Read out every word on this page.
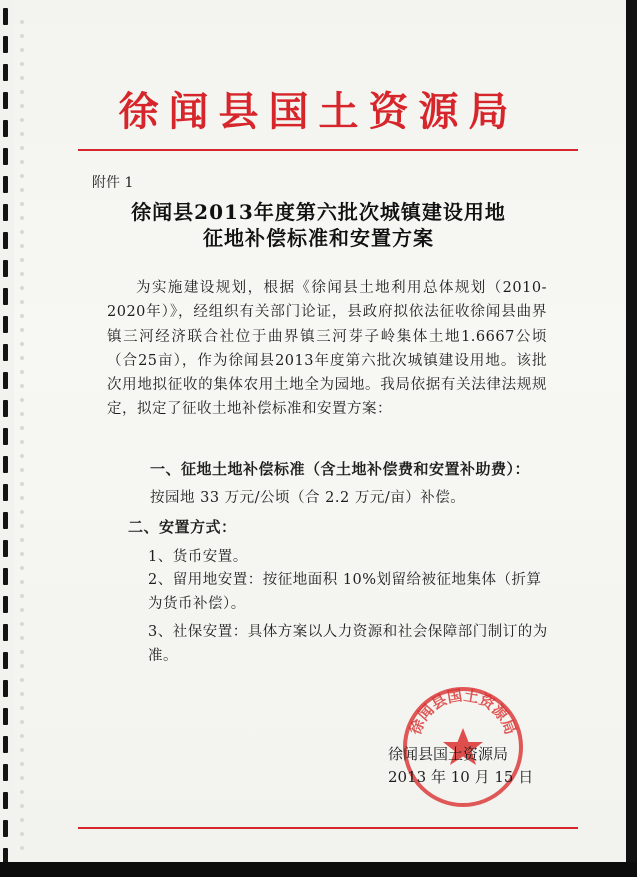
徐闻县国土资源局
附件 1
徐闻县2013年度第六批次城镇建设用地
征地补偿标准和安置方案
为实施建设规划，根据《徐闻县土地利用总体规划（2010-2020年）》，经组织有关部门论证，县政府拟依法征收徐闻县曲界镇三河经济联合社位于曲界镇三河芽子岭集体土地1.6667公顷（合25亩），作为徐闻县2013年度第六批次城镇建设用地。该批次用地拟征收的集体农用土地全为园地。我局依据有关法律法规规定，拟定了征收土地补偿标准和安置方案：
一、征地土地补偿标准（含土地补偿费和安置补助费）：
按园地 33 万元/公顷（合 2.2 万元/亩）补偿。
二、安置方式：
1、货币安置。
2、留用地安置：按征地面积 10%划留给被征地集体（折算为货币补偿）。
3、社保安置：具体方案以人力资源和社会保障部门制订的为准。
徐闻县国土资源局
徐闻县国土资源局
2013 年 10 月 15 日
